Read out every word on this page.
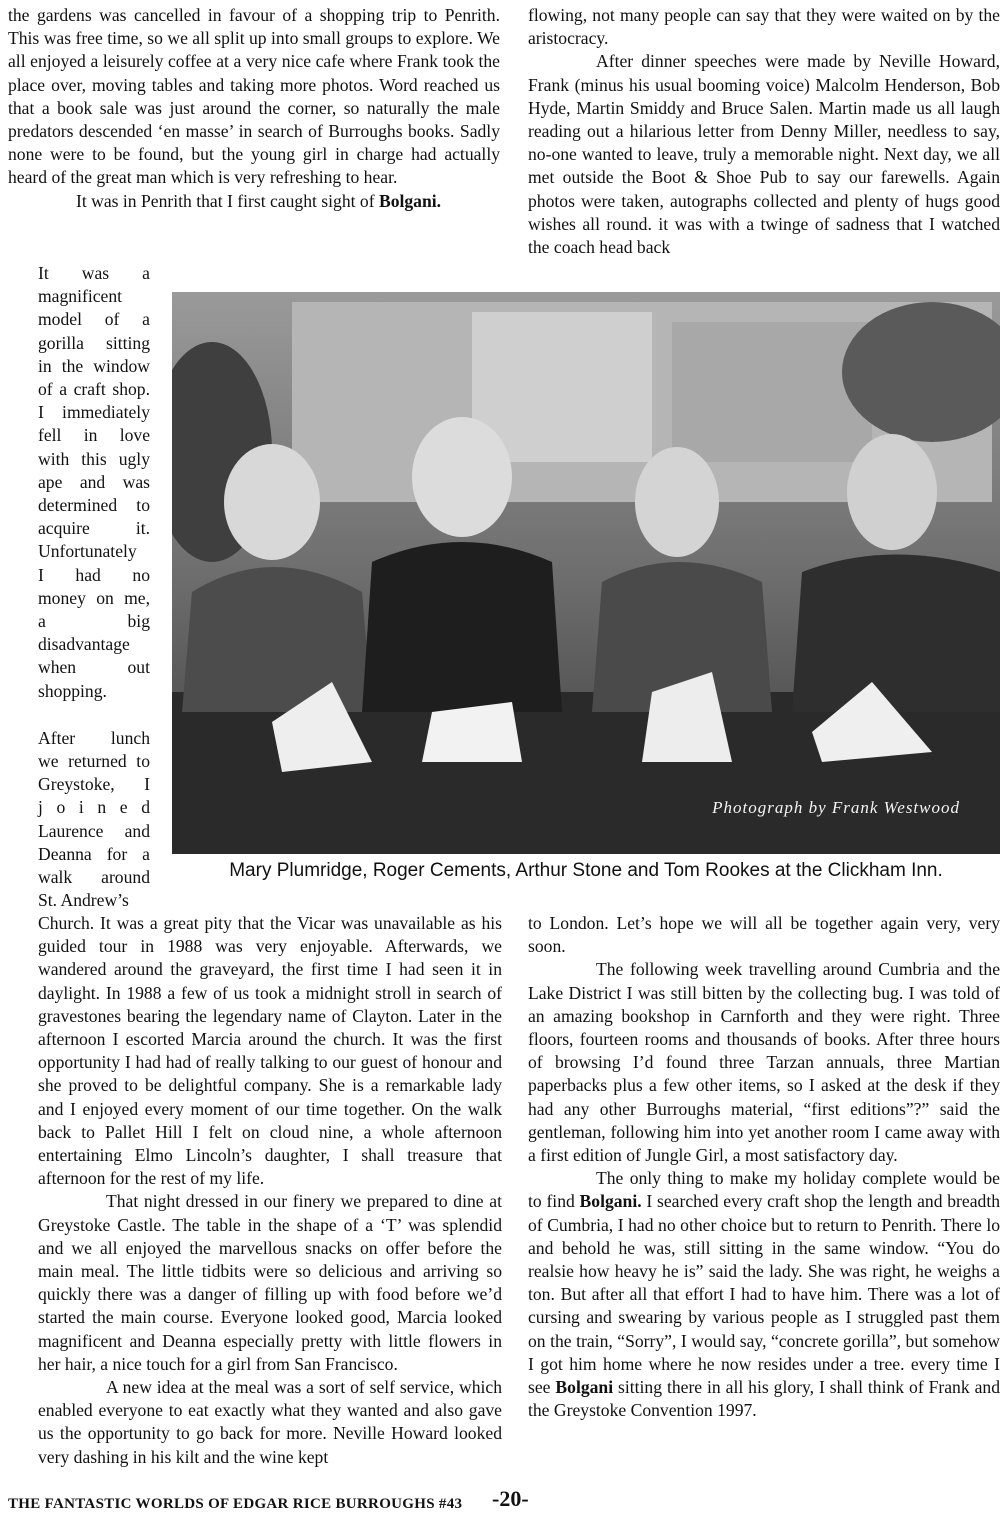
the gardens was cancelled in favour of a shopping trip to Penrith. This was free time, so we all split up into small groups to explore. We all enjoyed a leisurely coffee at a very nice cafe where Frank took the place over, moving tables and taking more photos. Word reached us that a book sale was just around the corner, so naturally the male predators descended ‘en masse’ in search of Burroughs books. Sadly none were to be found, but the young girl in charge had actually heard of the great man which is very refreshing to hear.

It was in Penrith that I first caught sight of Bolgani.

It was a
magnificent
model of a
gorilla sitting
in the window
of a craft shop.
I immediately
fell in love
with this ugly
ape and was
determined to
acquire it.
Unfortunately
I had no
money on me,
a big
disadvantage
when out
shopping.
After lunch
we returned to
Greystoke, I
j o i n e d
Laurence and
Deanna for a
walk around
St. Andrew’s
Photograph by Frank Westwood
Mary Plumridge, Roger Cements, Arthur Stone and Tom Rookes at the Clickham Inn.

Church. It was a great pity that the Vicar was unavailable as his guided tour in 1988 was very enjoyable. Afterwards, we wandered around the graveyard, the first time I had seen it in daylight. In 1988 a few of us took a midnight stroll in search of gravestones bearing the legendary name of Clayton. Later in the afternoon I escorted Marcia around the church. It was the first opportunity I had had of really talking to our guest of honour and she proved to be delightful company. She is a remarkable lady and I enjoyed every moment of our time together. On the walk back to Pallet Hill I felt on cloud nine, a whole afternoon entertaining Elmo Lincoln’s daughter, I shall treasure that afternoon for the rest of my life.

That night dressed in our finery we prepared to dine at Greystoke Castle. The table in the shape of a ‘T’ was splendid and we all enjoyed the marvellous snacks on offer before the main meal. The little tidbits were so delicious and arriving so quickly there was a danger of filling up with food before we’d started the main course. Everyone looked good, Marcia looked magnificent and Deanna especially pretty with little flowers in her hair, a nice touch for a girl from San Francisco.

A new idea at the meal was a sort of self service, which enabled everyone to eat exactly what they wanted and also gave us the opportunity to go back for more. Neville Howard looked very dashing in his kilt and the wine kept

flowing, not many people can say that they were waited on by the aristocracy.

After dinner speeches were made by Neville Howard, Frank (minus his usual booming voice) Malcolm Henderson, Bob Hyde, Martin Smiddy and Bruce Salen. Martin made us all laugh reading out a hilarious letter from Denny Miller, needless to say, no-one wanted to leave, truly a memorable night. Next day, we all met outside the Boot & Shoe Pub to say our farewells. Again photos were taken, autographs collected and plenty of hugs good wishes all round. it was with a twinge of sadness that I watched the coach head back

to London. Let’s hope we will all be together again very, very soon.

The following week travelling around Cumbria and the Lake District I was still bitten by the collecting bug. I was told of an amazing bookshop in Carnforth and they were right. Three floors, fourteen rooms and thousands of books. After three hours of browsing I’d found three Tarzan annuals, three Martian paperbacks plus a few other items, so I asked at the desk if they had any other Burroughs material, “first editions”?” said the gentleman, following him into yet another room I came away with a first edition of Jungle Girl, a most satisfactory day.

The only thing to make my holiday complete would be to find Bolgani. I searched every craft shop the length and breadth of Cumbria, I had no other choice but to return to Penrith. There lo and behold he was, still sitting in the same window. “You do realsie how heavy he is” said the lady. She was right, he weighs a ton. But after all that effort I had to have him. There was a lot of cursing and swearing by various people as I struggled past them on the train, “Sorry”, I would say, “concrete gorilla”, but somehow I got him home where he now resides under a tree. every time I see Bolgani sitting there in all his glory, I shall think of Frank and the Greystoke Convention 1997.

THE FANTASTIC WORLDS OF EDGAR RICE BURROUGHS #43 -20-
